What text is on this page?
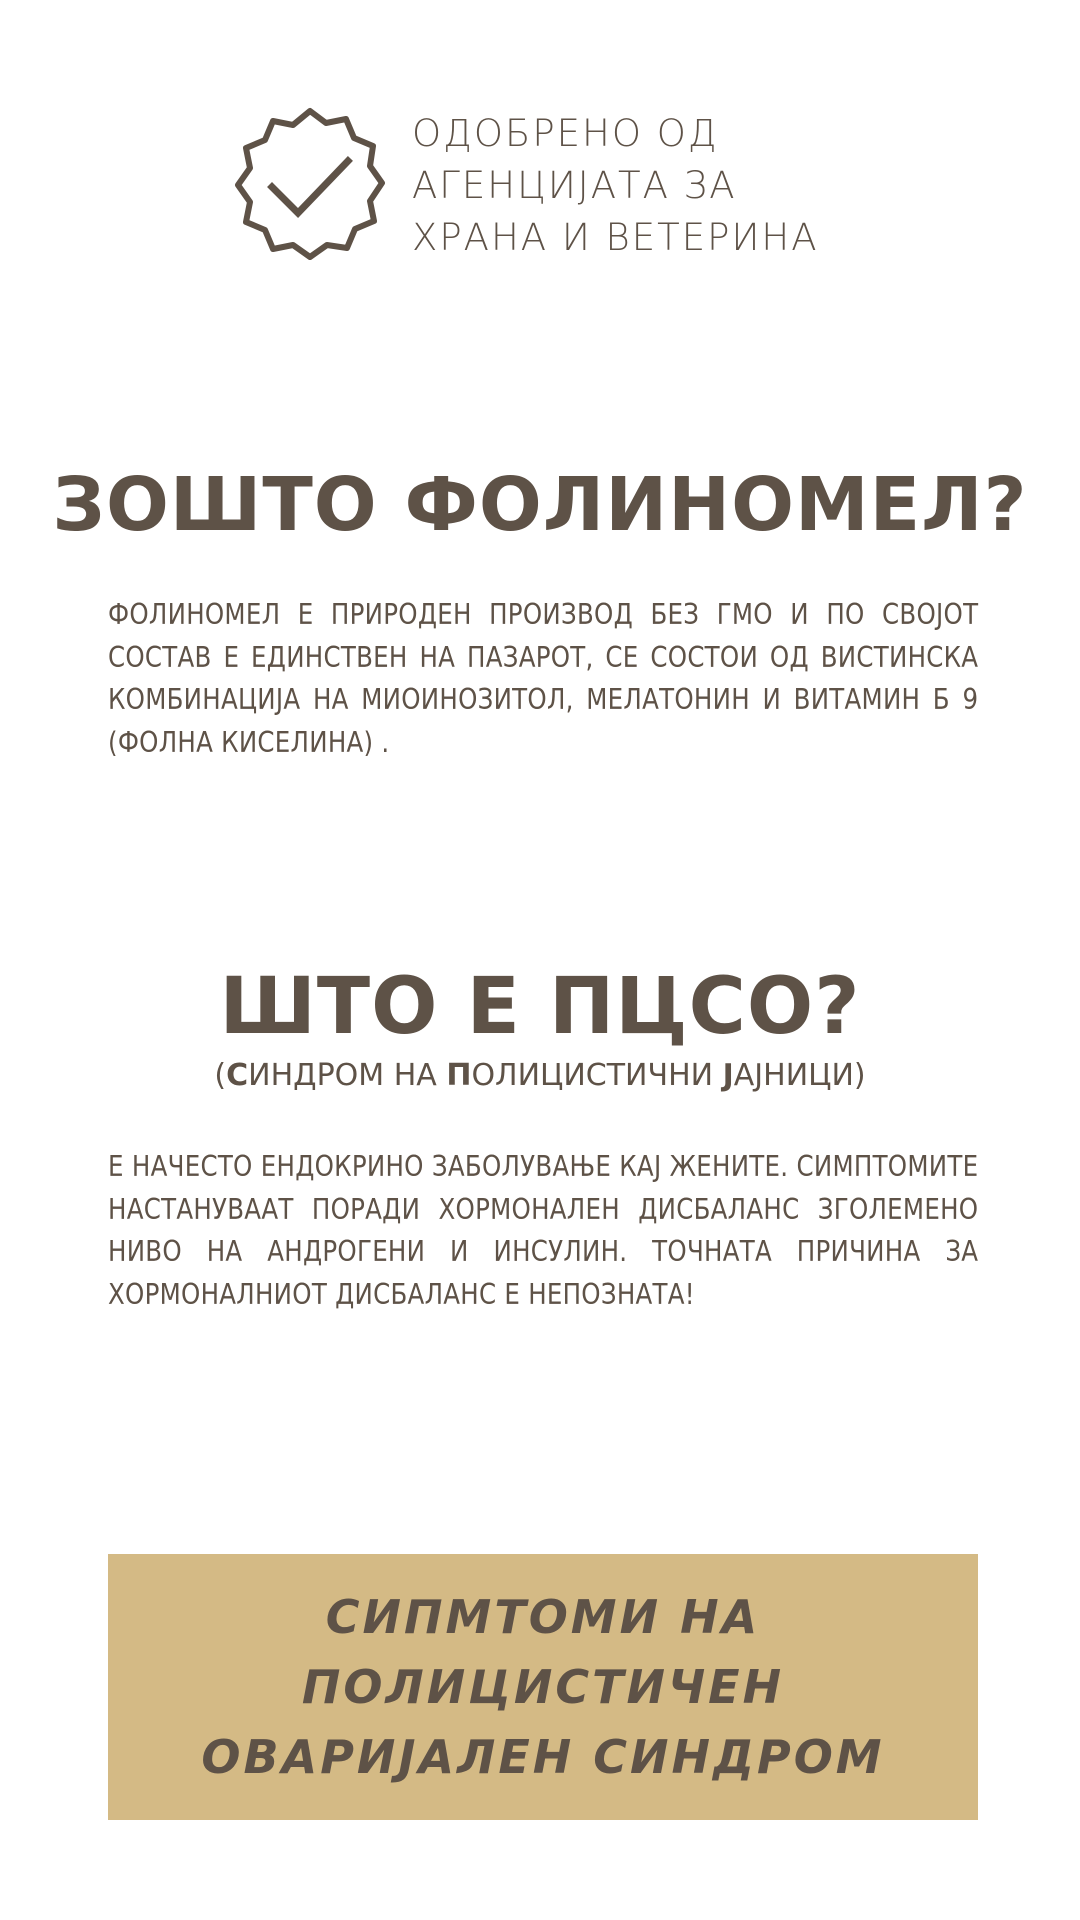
ОДОБРЕНО ОД
АГЕНЦИЈАТА ЗА
ХРАНА И ВЕТЕРИНА
ЗОШТО ФОЛИНОМЕЛ?
ФОЛИНОМЕЛ Е ПРИРОДЕН ПРОИЗВОД БЕЗ ГМО И ПО СВОЈОТ СОСТАВ Е ЕДИНСТВЕН НА ПАЗАРОТ, СЕ СОСТОИ ОД ВИСТИНСКА КОМБИНАЦИЈА НА МИОИНОЗИТОЛ, МЕЛАТОНИН И ВИТАМИН Б 9 (ФОЛНА КИСЕЛИНА) .
ШТО Е ПЦСО?
(СИНДРОМ НА ПОЛИЦИСТИЧНИ ЈАЈНИЦИ)
Е НАЧЕСТО ЕНДОКРИНО ЗАБОЛУВАЊЕ КАЈ ЖЕНИТЕ. СИМПТОМИТЕ НАСТАНУВААТ ПОРАДИ ХОРМОНАЛЕН ДИСБАЛАНС ЗГОЛЕМЕНО НИВО НА АНДРОГЕНИ И ИНСУЛИН. ТОЧНАТА ПРИЧИНА ЗА ХОРМОНАЛНИОТ ДИСБАЛАНС Е НЕПОЗНАТА!
СИПМТОМИ НА ПОЛИЦИСТИЧЕН
ОВАРИЈАЛЕН СИНДРОМ
